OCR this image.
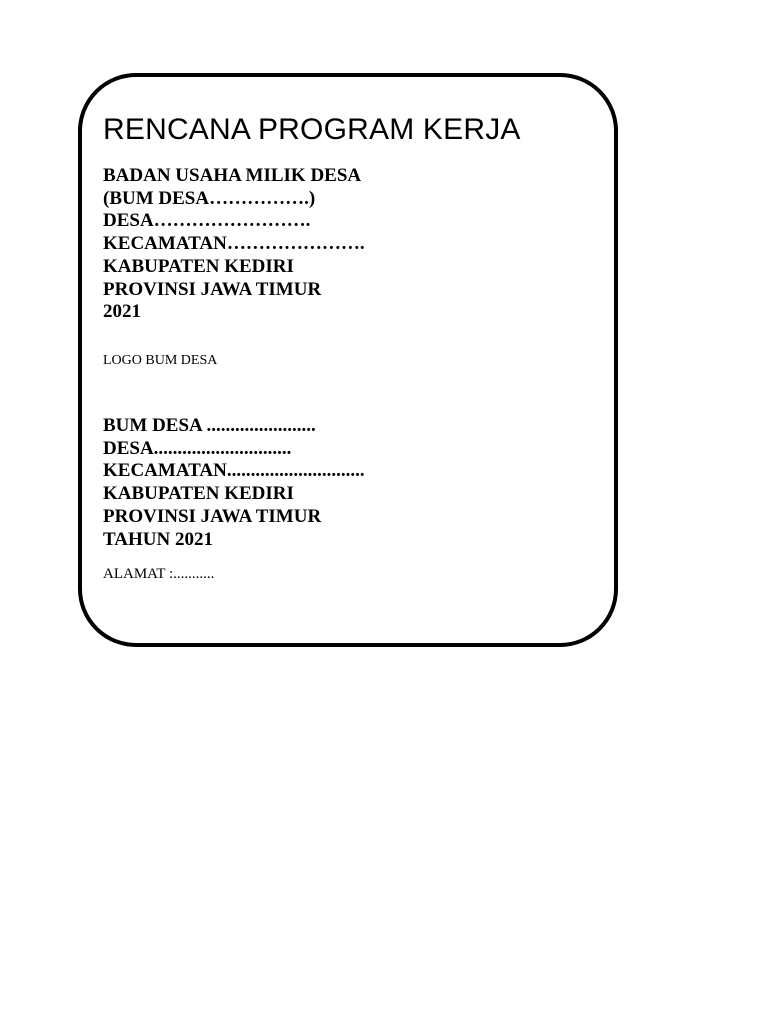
RENCANA PROGRAM KERJA
BADAN USAHA MILIK DESA
(BUM DESA…………….)
DESA…………………….
KECAMATAN………………….
KABUPATEN KEDIRI
PROVINSI JAWA TIMUR
2021
LOGO BUM DESA
BUM DESA .......................
DESA.............................
KECAMATAN.............................
KABUPATEN KEDIRI
PROVINSI JAWA TIMUR
TAHUN 2021
ALAMAT :...........
